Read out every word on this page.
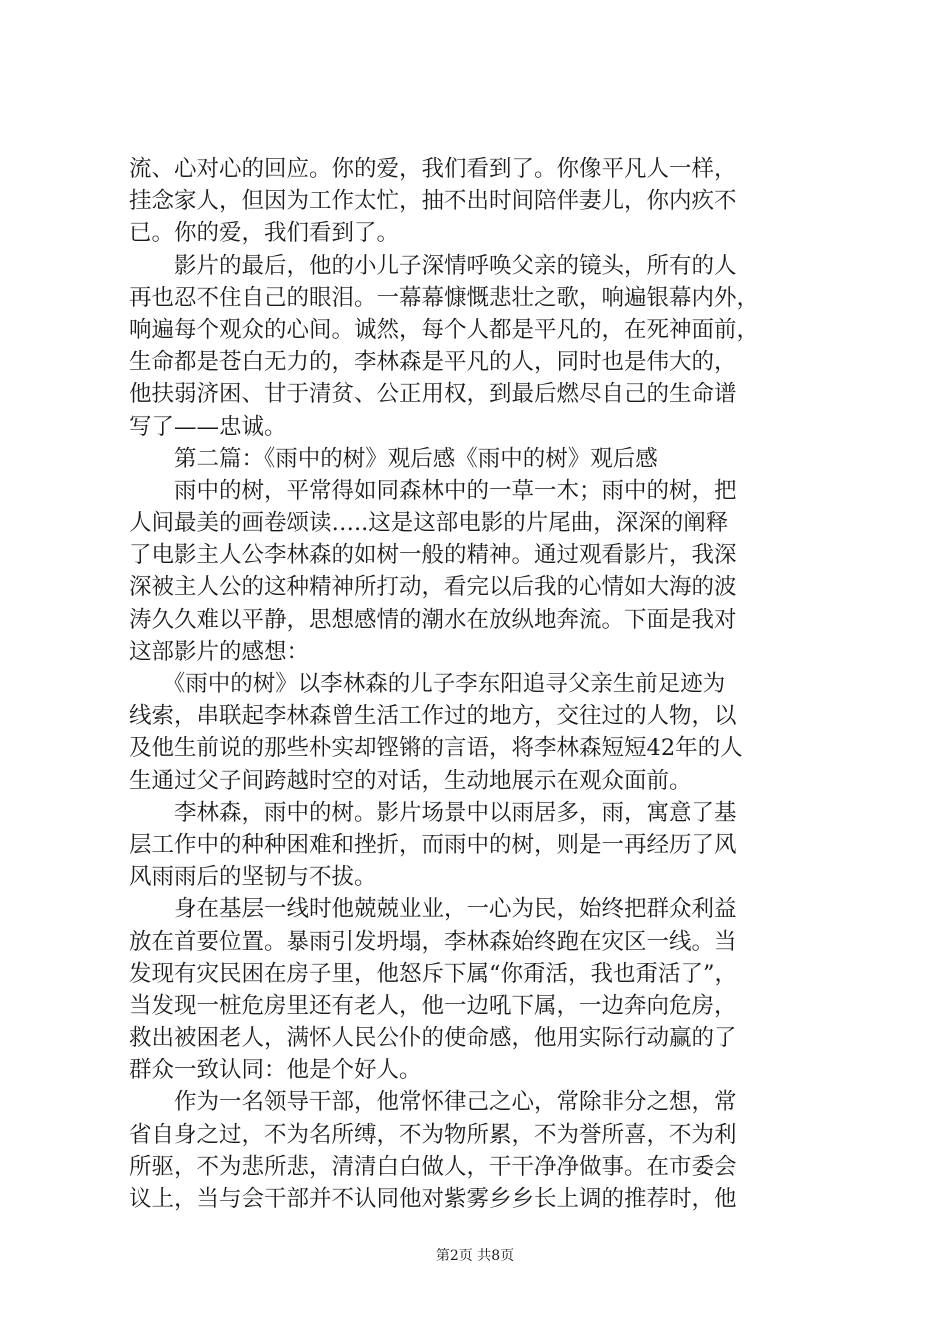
流、心对心的回应。你的爱，我们看到了。你像平凡人一样，
挂念家人，但因为工作太忙，抽不出时间陪伴妻儿，你内疚不
已。你的爱，我们看到了。
　　影片的最后，他的小儿子深情呼唤父亲的镜头，所有的人
再也忍不住自己的眼泪。一幕幕慷慨悲壮之歌，响遍银幕内外，
响遍每个观众的心间。诚然，每个人都是平凡的，在死神面前，
生命都是苍白无力的，李林森是平凡的人，同时也是伟大的，
他扶弱济困、甘于清贫、公正用权，到最后燃尽自己的生命谱
写了——忠诚。
　　第二篇：《雨中的树》观后感《雨中的树》观后感
　　雨中的树，平常得如同森林中的一草一木；雨中的树，把
人间最美的画卷颂读…..这是这部电影的片尾曲，深深的阐释
了电影主人公李林森的如树一般的精神。通过观看影片，我深
深被主人公的这种精神所打动，看完以后我的心情如大海的波
涛久久难以平静，思想感情的潮水在放纵地奔流。下面是我对
这部影片的感想：
　　《雨中的树》以李林森的儿子李东阳追寻父亲生前足迹为
线索，串联起李林森曾生活工作过的地方，交往过的人物，以
及他生前说的那些朴实却铿锵的言语，将李林森短短42年的人
生通过父子间跨越时空的对话，生动地展示在观众面前。
　　李林森，雨中的树。影片场景中以雨居多，雨，寓意了基
层工作中的种种困难和挫折，而雨中的树，则是一再经历了风
风雨雨后的坚韧与不拔。
　　身在基层一线时他兢兢业业，一心为民，始终把群众利益
放在首要位置。暴雨引发坍塌，李林森始终跑在灾区一线。当
发现有灾民困在房子里，他怒斥下属“你甭活，我也甭活了”，
当发现一桩危房里还有老人，他一边吼下属，一边奔向危房，
救出被困老人，满怀人民公仆的使命感，他用实际行动赢的了
群众一致认同：他是个好人。
　　作为一名领导干部，他常怀律己之心，常除非分之想，常
省自身之过，不为名所缚，不为物所累，不为誉所喜，不为利
所驱，不为悲所悲，清清白白做人，干干净净做事。在市委会
议上，当与会干部并不认同他对紫雾乡乡长上调的推荐时，他
第2页 共8页
